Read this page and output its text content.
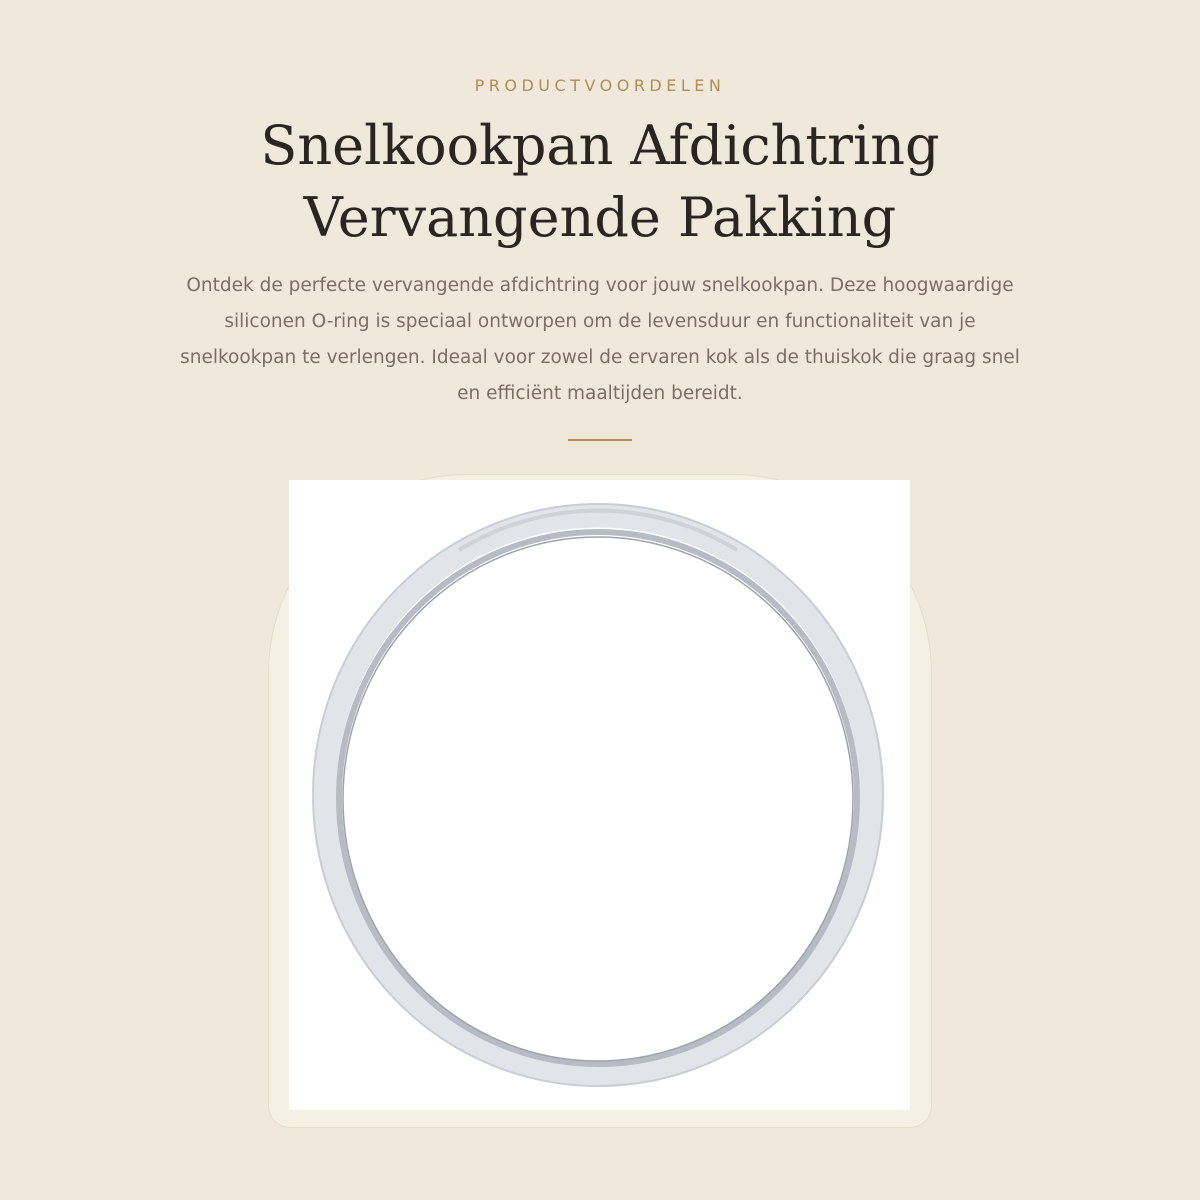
PRODUCTVOORDELEN
Snelkookpan Afdichtring
Vervangende Pakking

Ontdek de perfecte vervangende afdichtring voor jouw snelkookpan. Deze hoogwaardige siliconen O-ring is speciaal ontworpen om de levensduur en functionaliteit van je snelkookpan te verlengen. Ideaal voor zowel de ervaren kok als de thuiskok die graag snel en efficiënt maaltijden bereidt.
